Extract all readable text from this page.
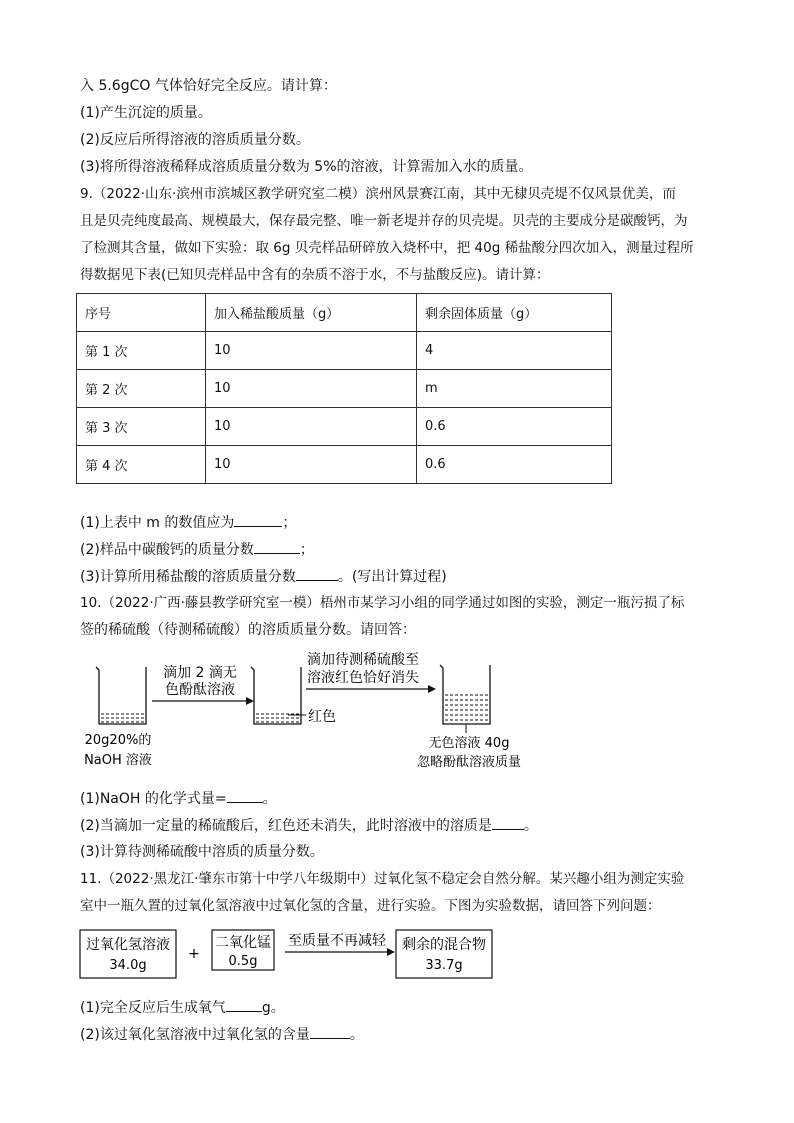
入 5.6gCO 气体恰好完全反应。请计算：
(1)产生沉淀的质量。
(2)反应后所得溶液的溶质质量分数。
(3)将所得溶液稀释成溶质质量分数为 5%的溶液，计算需加入水的质量。
9.（2022·山东·滨州市滨城区教学研究室二模）滨州风景赛江南，其中无棣贝壳堤不仅风景优美，而
且是贝壳纯度最高、规模最大，保存最完整、唯一新老堤并存的贝壳堤。贝壳的主要成分是碳酸钙，为
了检测其含量，做如下实验：取 6g 贝壳样品研碎放入烧杯中，把 40g 稀盐酸分四次加入，测量过程所
得数据见下表(已知贝壳样品中含有的杂质不溶于水，不与盐酸反应)。请计算：
序号	加入稀盐酸质量（g）	剩余固体质量（g）
第 1 次	10	4
第 2 次	10	m
第 3 次	10	0.6
第 4 次	10	0.6
(1)上表中 m 的数值应为	；
(2)样品中碳酸钙的质量分数	；
(3)计算所用稀盐酸的溶质质量分数	。(写出计算过程)
10.（2022·广西·藤县教学研究室一模）梧州市某学习小组的同学通过如图的实验，测定一瓶污损了标
签的稀硫酸（待测稀硫酸）的溶质质量分数。请回答：
滴加 2 滴无
色酚酞溶液
红色
滴加待测稀硫酸至
溶液红色恰好消失
20g20%的
NaOH 溶液
无色溶液 40g
忽略酚酞溶液质量
(1)NaOH 的化学式量=	。
(2)当滴加一定量的稀硫酸后，红色还未消失，此时溶液中的溶质是 。
(3)计算待测稀硫酸中溶质的质量分数。
11.（2022·黑龙江·肇东市第十中学八年级期中）过氧化氢不稳定会自然分解。某兴趣小组为测定实验
室中一瓶久置的过氧化氢溶液中过氧化氢的含量，进行实验。下图为实验数据，请回答下列问题：
过氧化氢溶液
34.0g
+
二氧化锰
0.5g
至质量不再减轻 剩余的混合物
33.7g
(1)完全反应后生成氧气	g。
(2)该过氧化氢溶液中过氧化氢的含量	。
